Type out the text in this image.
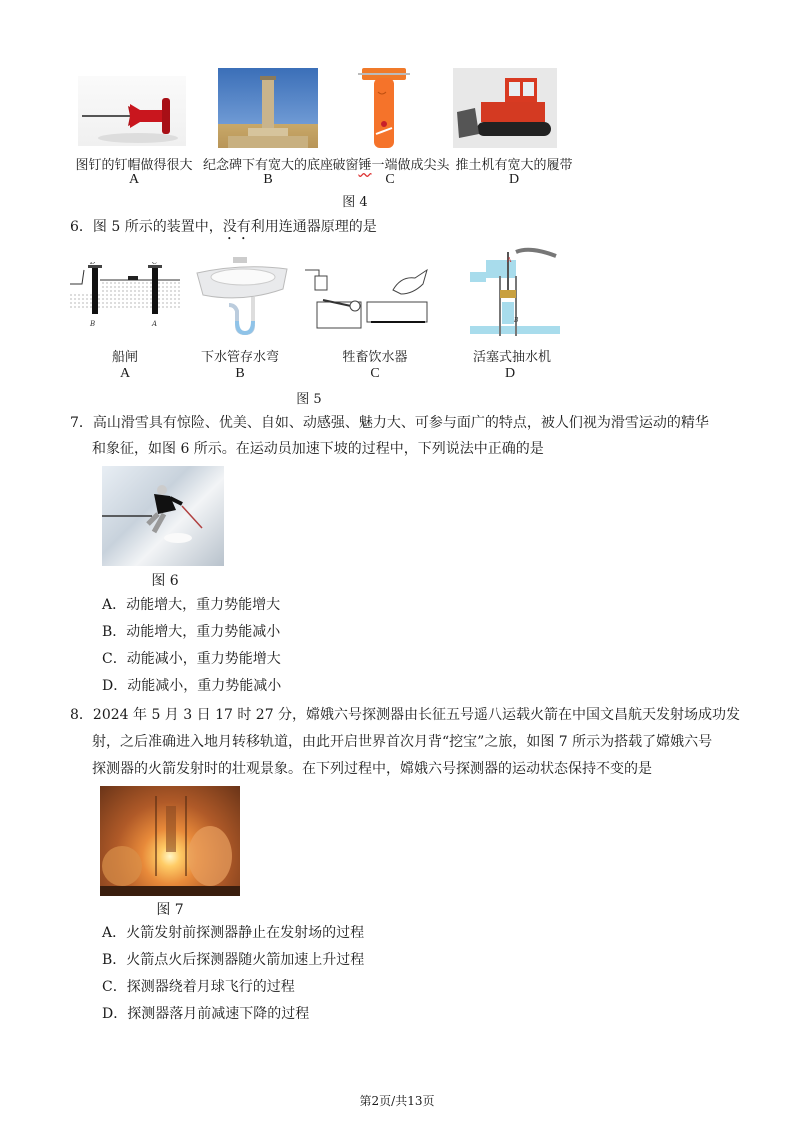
图钉的钉帽做得很大 纪念碑下有宽大的底座 破窗锤一端做成尖头 推土机有宽大的履带
A	B	C	D
图 4
6．图 5 所示的装置中，没有利用连通器原理的是
D	C
B	A
A
B
船闸	下水管存水弯	牲畜饮水器	活塞式抽水机
A	B	C	D
图 5
7．高山滑雪具有惊险、优美、自如、动感强、魅力大、可参与面广的特点，被人们视为滑雪运动的精华
和象征，如图 6 所示。在运动员加速下坡的过程中，下列说法中正确的是
图 6
A．动能增大，重力势能增大
B．动能增大，重力势能减小
C．动能减小，重力势能增大
D．动能减小，重力势能减小
8．2024 年 5 月 3 日 17 时 27 分，嫦娥六号探测器由长征五号遥八运载火箭在中国文昌航天发射场成功发
射，之后准确进入地月转移轨道，由此开启世界首次月背“挖宝”之旅，如图 7 所示为搭载了嫦娥六号
探测器的火箭发射时的壮观景象。在下列过程中，嫦娥六号探测器的运动状态保持不变的是
图 7
A．火箭发射前探测器静止在发射场的过程
B．火箭点火后探测器随火箭加速上升过程
C．探测器绕着月球飞行的过程
D．探测器落月前减速下降的过程
第2页/共13页
